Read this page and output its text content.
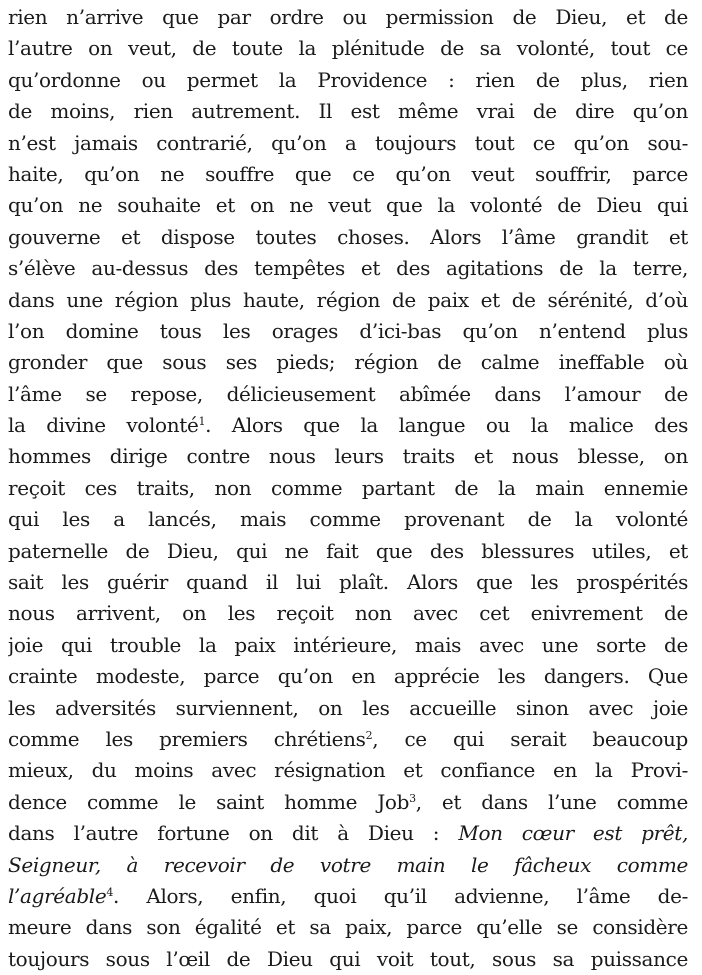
rien n’arrive que par ordre ou permission de Dieu, et de
l’autre on veut, de toute la plénitude de sa volonté, tout ce
qu’ordonne ou permet la Providence : rien de plus, rien
de moins, rien autrement. Il est même vrai de dire qu’on
n’est jamais contrarié, qu’on a toujours tout ce qu’on sou-
haite, qu’on ne souffre que ce qu’on veut souffrir, parce
qu’on ne souhaite et on ne veut que la volonté de Dieu qui
gouverne et dispose toutes choses. Alors l’âme grandit et
s’élève au-dessus des tempêtes et des agitations de la terre,
dans une région plus haute, région de paix et de sérénité, d’où
l’on domine tous les orages d’ici-bas qu’on n’entend plus
gronder que sous ses pieds; région de calme ineffable où
l’âme se repose, délicieusement abîmée dans l’amour de
la divine volonté$^1$. Alors que la langue ou la malice des
hommes dirige contre nous leurs traits et nous blesse, on
reçoit ces traits, non comme partant de la main ennemie
qui les a lancés, mais comme provenant de la volonté
paternelle de Dieu, qui ne fait que des blessures utiles, et
sait les guérir quand il lui plaît. Alors que les prospérités
nous arrivent, on les reçoit non avec cet enivrement de
joie qui trouble la paix intérieure, mais avec une sorte de
crainte modeste, parce qu’on en apprécie les dangers. Que
les adversités surviennent, on les accueille sinon avec joie
comme les premiers chrétiens$^2$, ce qui serait beaucoup
mieux, du moins avec résignation et confiance en la Provi-
dence comme le saint homme Job$^3$, et dans l’une comme
dans l’autre fortune on dit à Dieu : Mon cœur est prêt,
Seigneur, à recevoir de votre main le fâcheux comme
l’agréable$^4$. Alors, enfin, quoi qu’il advienne, l’âme de-
meure dans son égalité et sa paix, parce qu’elle se considère
toujours sous l’œil de Dieu qui voit tout, sous sa puissance
